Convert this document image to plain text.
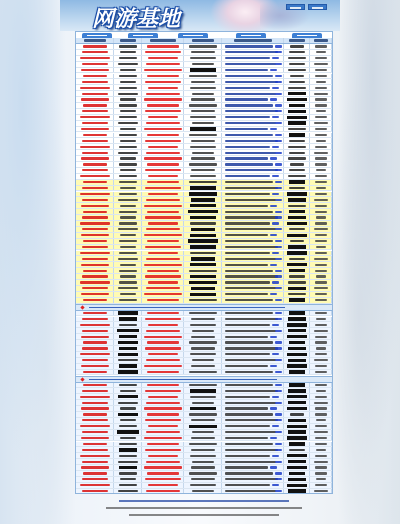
网游基地
